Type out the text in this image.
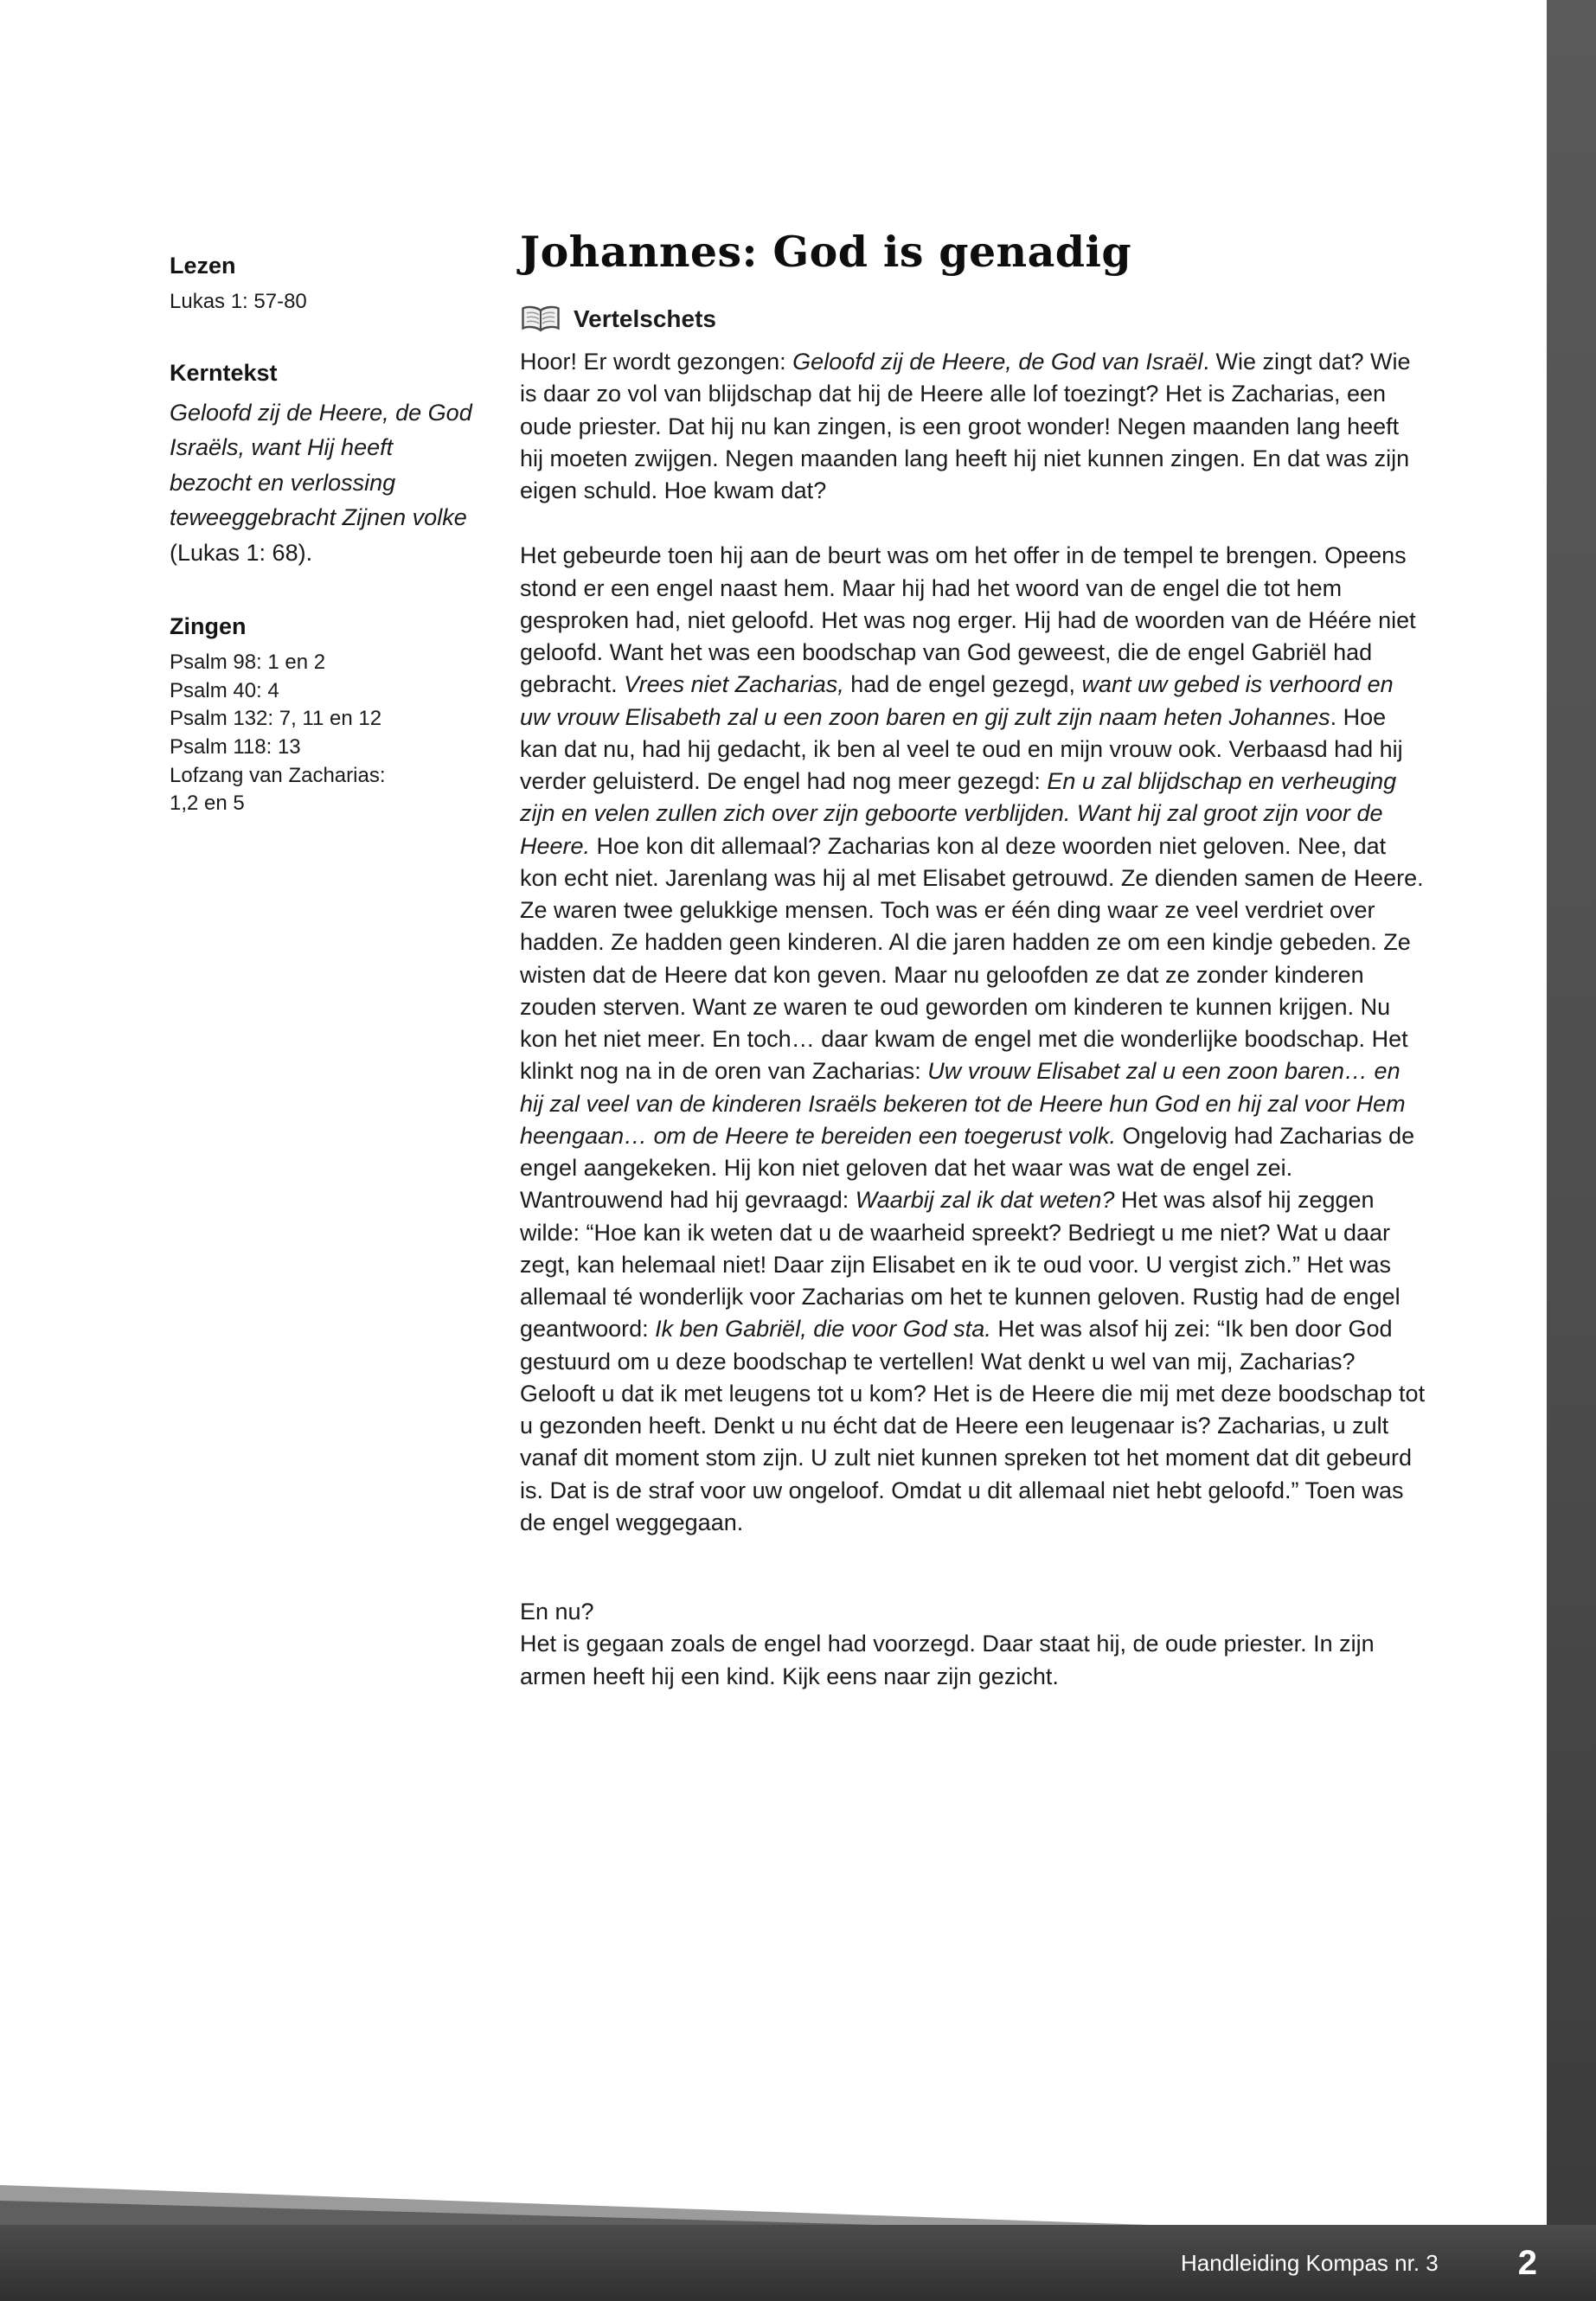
Lezen

Lukas 1: 57-80

Kerntekst

Geloofd zij de Heere, de God Israëls, want Hij heeft bezocht en verlossing teweeggebracht Zijnen volke (Lukas 1: 68).

Zingen

Psalm 98: 1 en 2

Psalm 40: 4

Psalm 132: 7, 11 en 12

Psalm 118: 13

Lofzang van Zacharias:

1,2 en 5

Johannes: God is genadig
Vertelschets

Hoor! Er wordt gezongen: Geloofd zij de Heere, de God van Israël. Wie zingt dat? Wie is daar zo vol van blijdschap dat hij de Heere alle lof toezingt? Het is Zacharias, een oude priester. Dat hij nu kan zingen, is een groot wonder! Negen maanden lang heeft hij moeten zwijgen. Negen maanden lang heeft hij niet kunnen zingen. En dat was zijn eigen schuld. Hoe kwam dat?

Het gebeurde toen hij aan de beurt was om het offer in de tempel te brengen. Opeens stond er een engel naast hem. Maar hij had het woord van de engel die tot hem gesproken had, niet geloofd. Het was nog erger. Hij had de woorden van de Héére niet geloofd. Want het was een boodschap van God geweest, die de engel Gabriël had gebracht. Vrees niet Zacharias, had de engel gezegd, want uw gebed is verhoord en uw vrouw Elisabeth zal u een zoon baren en gij zult zijn naam heten Johannes. Hoe kan dat nu, had hij gedacht, ik ben al veel te oud en mijn vrouw ook. Verbaasd had hij verder geluisterd. De engel had nog meer gezegd: En u zal blijdschap en verheuging zijn en velen zullen zich over zijn geboorte verblijden. Want hij zal groot zijn voor de Heere. Hoe kon dit allemaal? Zacharias kon al deze woorden niet geloven. Nee, dat kon echt niet. Jarenlang was hij al met Elisabet getrouwd. Ze dienden samen de Heere. Ze waren twee gelukkige mensen. Toch was er één ding waar ze veel verdriet over hadden. Ze hadden geen kinderen. Al die jaren hadden ze om een kindje gebeden. Ze wisten dat de Heere dat kon geven. Maar nu geloofden ze dat ze zonder kinderen zouden sterven. Want ze waren te oud geworden om kinderen te kunnen krijgen. Nu kon het niet meer. En toch… daar kwam de engel met die wonderlijke boodschap. Het klinkt nog na in de oren van Zacharias: Uw vrouw Elisabet zal u een zoon baren… en hij zal veel van de kinderen Israëls bekeren tot de Heere hun God en hij zal voor Hem heengaan… om de Heere te bereiden een toegerust volk. Ongelovig had Zacharias de engel aangekeken. Hij kon niet geloven dat het waar was wat de engel zei. Wantrouwend had hij gevraagd: Waarbij zal ik dat weten? Het was alsof hij zeggen wilde: “Hoe kan ik weten dat u de waarheid spreekt? Bedriegt u me niet? Wat u daar zegt, kan helemaal niet! Daar zijn Elisabet en ik te oud voor. U vergist zich.” Het was allemaal té wonderlijk voor Zacharias om het te kunnen geloven. Rustig had de engel geantwoord: Ik ben Gabriël, die voor God sta. Het was alsof hij zei: “Ik ben door God gestuurd om u deze boodschap te vertellen! Wat denkt u wel van mij, Zacharias? Gelooft u dat ik met leugens tot u kom? Het is de Heere die mij met deze boodschap tot u gezonden heeft. Denkt u nu écht dat de Heere een leugenaar is? Zacharias, u zult vanaf dit moment stom zijn. U zult niet kunnen spreken tot het moment dat dit gebeurd is. Dat is de straf voor uw ongeloof. Omdat u dit allemaal niet hebt geloofd.” Toen was de engel weggegaan.

En nu?

Het is gegaan zoals de engel had voorzegd. Daar staat hij, de oude priester. In zijn armen heeft hij een kind. Kijk eens naar zijn gezicht.

Handleiding Kompas nr. 3 2
